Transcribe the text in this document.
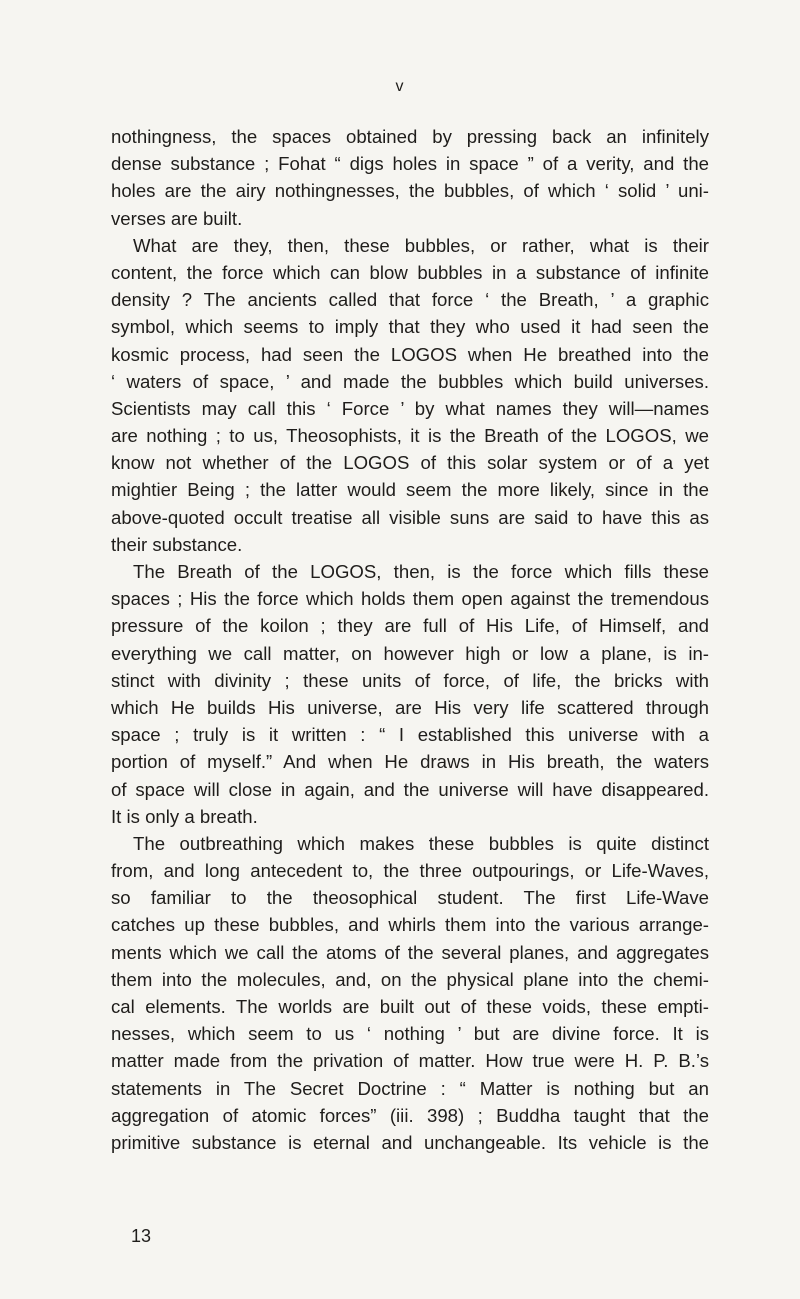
v
nothingness, the spaces obtained by pressing back an infinitely
dense substance ; Fohat “ digs holes in space ” of a verity, and the
holes are the airy nothingnesses, the bubbles, of which ‘ solid ’ uni-
verses are built.
What are they, then, these bubbles, or rather, what is their
content, the force which can blow bubbles in a substance of infinite
density ? The ancients called that force ‘ the Breath, ’ a graphic
symbol, which seems to imply that they who used it had seen the
kosmic process, had seen the LOGOS when He breathed into the
‘ waters of space, ’ and made the bubbles which build universes.
Scientists may call this ‘ Force ’ by what names they will—names
are nothing ; to us, Theosophists, it is the Breath of the LOGOS, we
know not whether of the LOGOS of this solar system or of a yet
mightier Being ; the latter would seem the more likely, since in the
above-quoted occult treatise all visible suns are said to have this as
their substance.
The Breath of the LOGOS, then, is the force which fills these
spaces ; His the force which holds them open against the tremendous
pressure of the koilon ; they are full of His Life, of Himself, and
everything we call matter, on however high or low a plane, is in-
stinct with divinity ; these units of force, of life, the bricks with
which He builds His universe, are His very life scattered through
space ; truly is it written : “ I established this universe with a
portion of myself.” And when He draws in His breath, the waters
of space will close in again, and the universe will have disappeared.
It is only a breath.
The outbreathing which makes these bubbles is quite distinct
from, and long antecedent to, the three outpourings, or Life-Waves,
so familiar to the theosophical student. The first Life-Wave
catches up these bubbles, and whirls them into the various arrange-
ments which we call the atoms of the several planes, and aggregates
them into the molecules, and, on the physical plane into the chemi-
cal elements. The worlds are built out of these voids, these empti-
nesses, which seem to us ‘ nothing ’ but are divine force. It is
matter made from the privation of matter. How true were H. P. B.’s
statements in The Secret Doctrine : “ Matter is nothing but an
aggregation of atomic forces” (iii. 398) ; Buddha taught that the
primitive substance is eternal and unchangeable. Its vehicle is the
13
